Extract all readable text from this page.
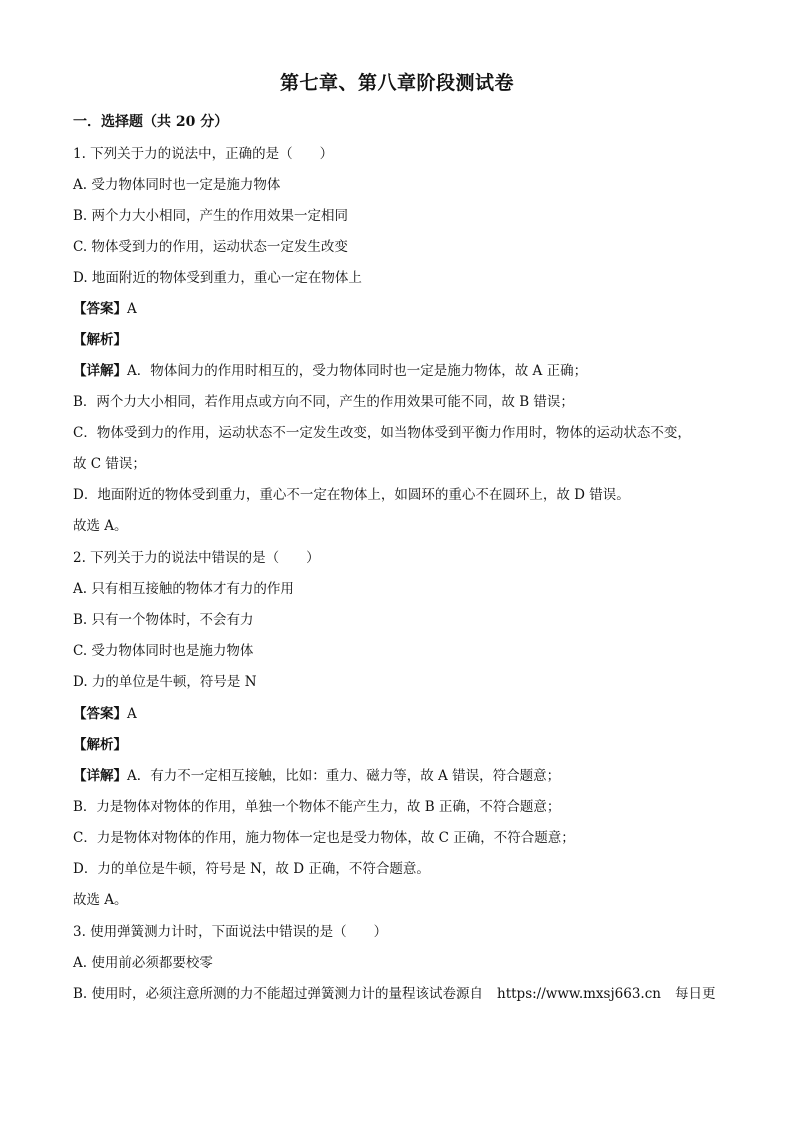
第七章、第八章阶段测试卷
一．选择题（共 20 分）
1. 下列关于力的说法中，正确的是（　　）
A. 受力物体同时也一定是施力物体
B. 两个力大小相同，产生的作用效果一定相同
C. 物体受到力的作用，运动状态一定发生改变
D. 地面附近的物体受到重力，重心一定在物体上
【答案】A
【解析】
【详解】A．物体间力的作用时相互的，受力物体同时也一定是施力物体，故 A 正确；
B．两个力大小相同，若作用点或方向不同，产生的作用效果可能不同，故 B 错误；
C．物体受到力的作用，运动状态不一定发生改变，如当物体受到平衡力作用时，物体的运动状态不变，
故 C 错误；
D．地面附近的物体受到重力，重心不一定在物体上，如圆环的重心不在圆环上，故 D 错误。
故选 A。
2. 下列关于力的说法中错误的是（　　）
A. 只有相互接触的物体才有力的作用
B. 只有一个物体时，不会有力
C. 受力物体同时也是施力物体
D. 力的单位是牛顿，符号是 N
【答案】A
【解析】
【详解】A．有力不一定相互接触，比如：重力、磁力等，故 A 错误，符合题意；
B．力是物体对物体的作用，单独一个物体不能产生力，故 B 正确，不符合题意；
C．力是物体对物体的作用，施力物体一定也是受力物体，故 C 正确，不符合题意；
D．力的单位是牛顿，符号是 N，故 D 正确，不符合题意。
故选 A。
3. 使用弹簧测力计时，下面说法中错误的是（　　）
A. 使用前必须都要校零
B. 使用时，必须注意所测的力不能超过弹簧测力计的量程该试卷源自 https://www.mxsj663.cn 每日更
